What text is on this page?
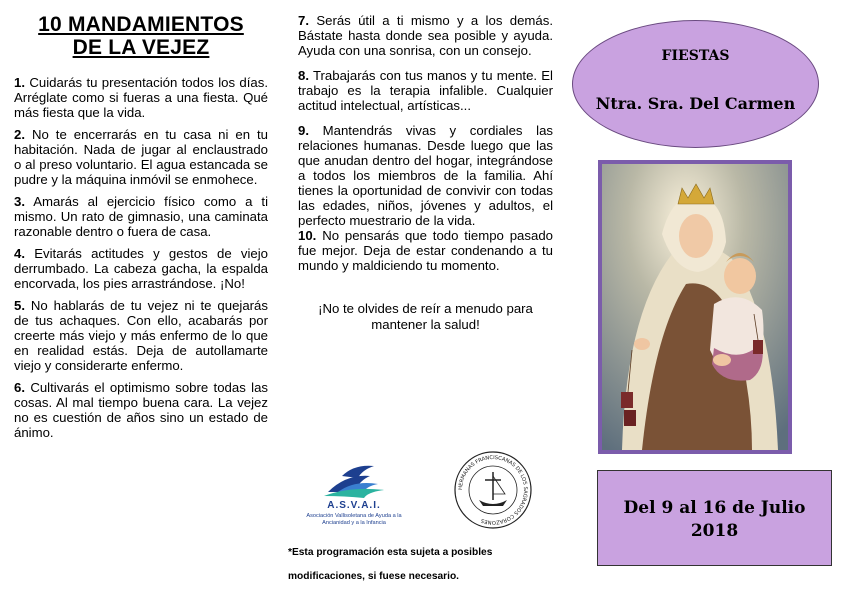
10 MANDAMIENTOS
DE LA VEJEZ

1. Cuidarás tu presentación todos los días. Arréglate como si fueras a una fiesta. Qué más fiesta que la vida.

2. No te encerrarás en tu casa ni en tu habitación. Nada de jugar al enclaustrado o al preso voluntario. El agua estancada se pudre y la máquina inmóvil se enmohece.

3. Amarás al ejercicio físico como a ti mismo. Un rato de gimnasio, una caminata razonable dentro o fuera de casa.

4. Evitarás actitudes y gestos de viejo derrumbado. La cabeza gacha, la espalda encorvada, los pies arrastrándose. ¡No!

5. No hablarás de tu vejez ni te quejarás de tus achaques. Con ello, acabarás por creerte más viejo y más enfermo de lo que en realidad estás. Deja de autollamarte viejo y considerarte enfermo.

6. Cultivarás el optimismo sobre todas las cosas. Al mal tiempo buena cara. La vejez no es cuestión de años sino un estado de ánimo.

7. Serás útil a ti mismo y a los demás. Bástate hasta donde sea posible y ayuda. Ayuda con una sonrisa, con un consejo.

8. Trabajarás con tus manos y tu mente. El trabajo es la terapia infalible. Cualquier actitud intelectual, artísticas...

9. Mantendrás vivas y cordiales las relaciones humanas. Desde luego que las que anudan dentro del hogar, integrándose a todos los miembros de la familia. Ahí tienes la oportunidad de convivir con todas las edades, niños, jóvenes y adultos, el perfecto muestrario de la vida.

10. No pensarás que todo tiempo pasado fue mejor. Deja de estar condenando a tu mundo y maldiciendo tu momento.

¡No te olvides de reír a menudo para mantener la salud!

A.S.V.A.I.
Asociación Vallisoletana de Ayuda a la Ancianidad y a la Infancia
HERMANAS FRANCISCANAS DE LOS SAGRADOS CORAZONES
*Esta programación esta sujeta a posibles
modificaciones, si fuese necesario.
FIESTAS
Ntra. Sra. Del Carmen
Del 9 al 16 de Julio
2018
